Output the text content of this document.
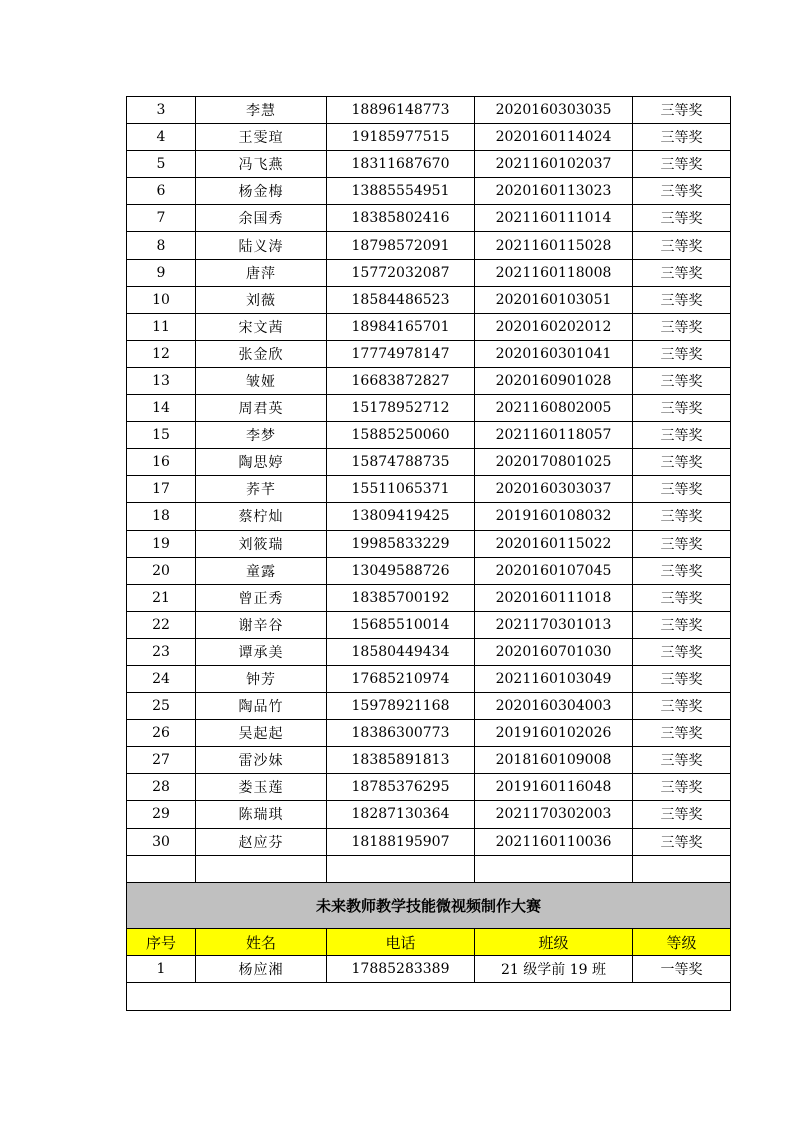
3	李慧	18896148773	2020160303035	三等奖
4	王雯瑄	19185977515	2020160114024	三等奖
5	冯飞燕	18311687670	2021160102037	三等奖
6	杨金梅	13885554951	2020160113023	三等奖
7	余国秀	18385802416	2021160111014	三等奖
8	陆义涛	18798572091	2021160115028	三等奖
9	唐萍	15772032087	2021160118008	三等奖
10	刘薇	18584486523	2020160103051	三等奖
11	宋文茜	18984165701	2020160202012	三等奖
12	张金欣	17774978147	2020160301041	三等奖
13	皱娅	16683872827	2020160901028	三等奖
14	周君英	15178952712	2021160802005	三等奖
15	李梦	15885250060	2021160118057	三等奖
16	陶思婷	15874788735	2020170801025	三等奖
17	荞芊	15511065371	2020160303037	三等奖
18	蔡柠灿	13809419425	2019160108032	三等奖
19	刘筱瑞	19985833229	2020160115022	三等奖
20	童露	13049588726	2020160107045	三等奖
21	曾正秀	18385700192	2020160111018	三等奖
22	谢辛谷	15685510014	2021170301013	三等奖
23	谭承美	18580449434	2020160701030	三等奖
24	钟芳	17685210974	2021160103049	三等奖
25	陶品竹	15978921168	2020160304003	三等奖
26	吴起起	18386300773	2019160102026	三等奖
27	雷沙妹	18385891813	2018160109008	三等奖
28	娄玉莲	18785376295	2019160116048	三等奖
29	陈瑞琪	18287130364	2021170302003	三等奖
30	赵应芬	18188195907	2021160110036	三等奖

未来教师教学技能微视频制作大赛				
序号	姓名	电话	班级	等级
1	杨应湘	17885283389	21 级学前 19 班	一等奖
